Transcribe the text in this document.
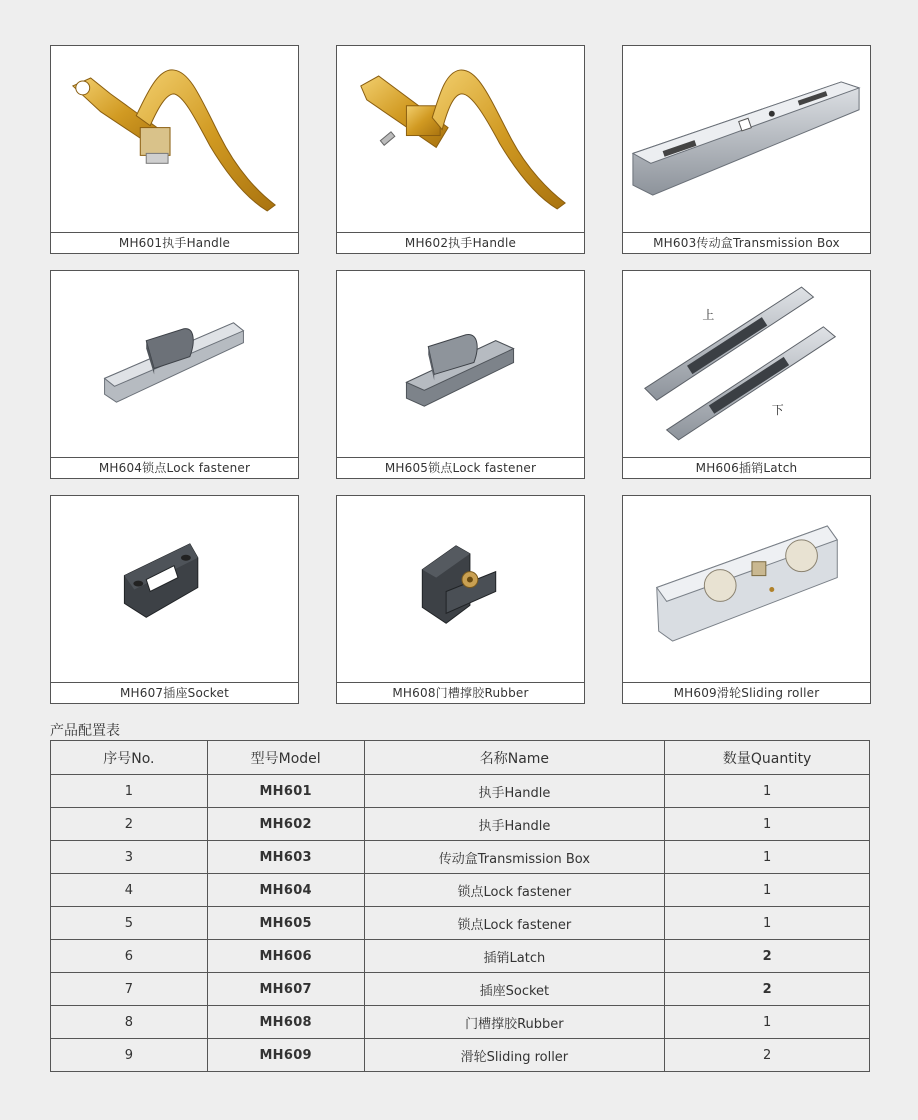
MH601执手Handle	MH602执手Handle	MH603传动盒Transmission Box
MH604锁点Lock fastener	MH605锁点Lock fastener
上
下
MH606插销Latch
MH607插座Socket	MH608门槽撑胶Rubber	MH609滑轮Sliding roller
产品配置表
序号No.	型号Model	名称Name	数量Quantity
1	MH601	执手Handle	1
2	MH602	执手Handle	1
3	MH603	传动盒Transmission Box	1
4	MH604	锁点Lock fastener	1
5	MH605	锁点Lock fastener	1
6	MH606	插销Latch	2
7	MH607	插座Socket	2
8	MH608	门槽撑胶Rubber	1
9	MH609	滑轮Sliding roller	2
